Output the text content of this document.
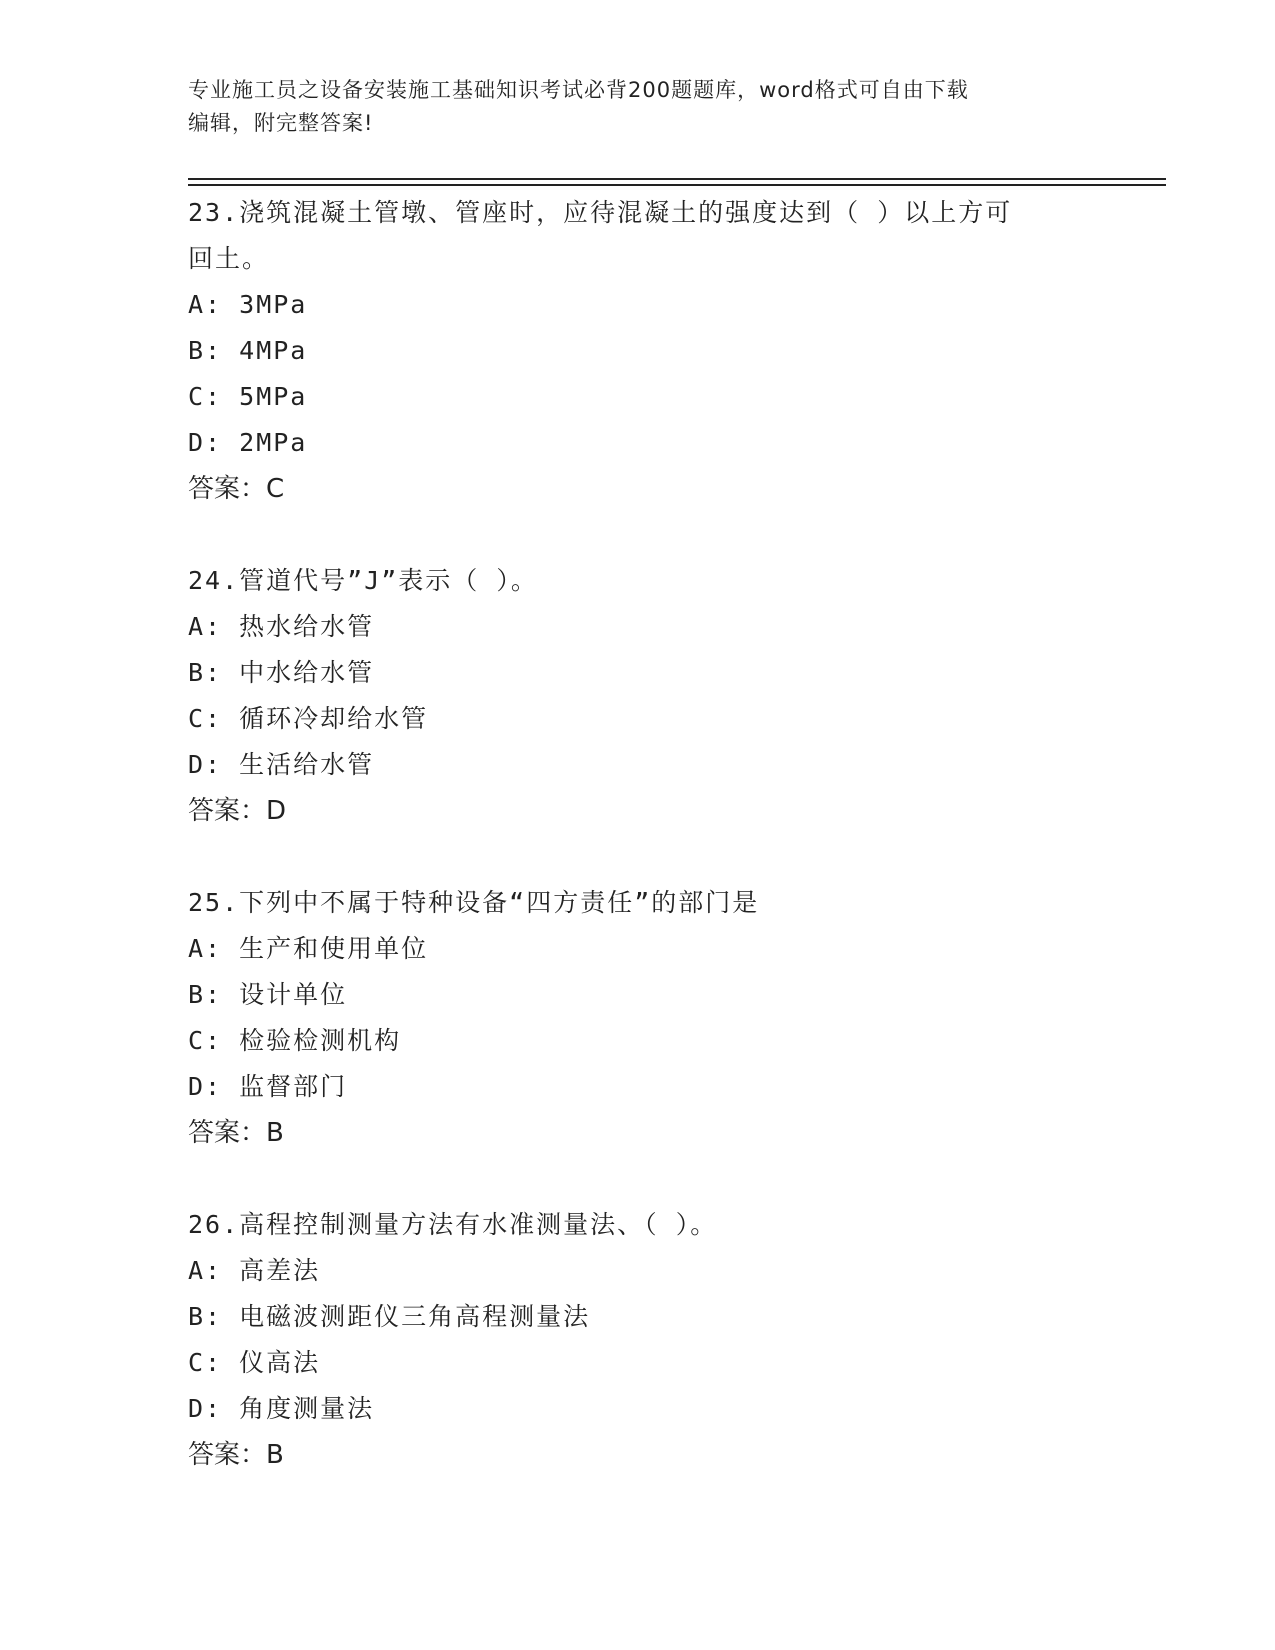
专业施工员之设备安装施工基础知识考试必背200题题库，word格式可自由下载
编辑，附完整答案!
23.浇筑混凝土管墩、管座时，应待混凝土的强度达到（ ）以上方可
回土。
A: 3MPa
B: 4MPa
C: 5MPa
D: 2MPa
答案：C
24.管道代号”J”表示（ ）。
A: 热水给水管
B: 中水给水管
C: 循环冷却给水管
D: 生活给水管
答案：D
25.下列中不属于特种设备“四方责任”的部门是
A: 生产和使用单位
B: 设计单位
C: 检验检测机构
D: 监督部门
答案：B
26.高程控制测量方法有水准测量法、（ ）。
A: 高差法
B: 电磁波测距仪三角高程测量法
C: 仪高法
D: 角度测量法
答案：B
